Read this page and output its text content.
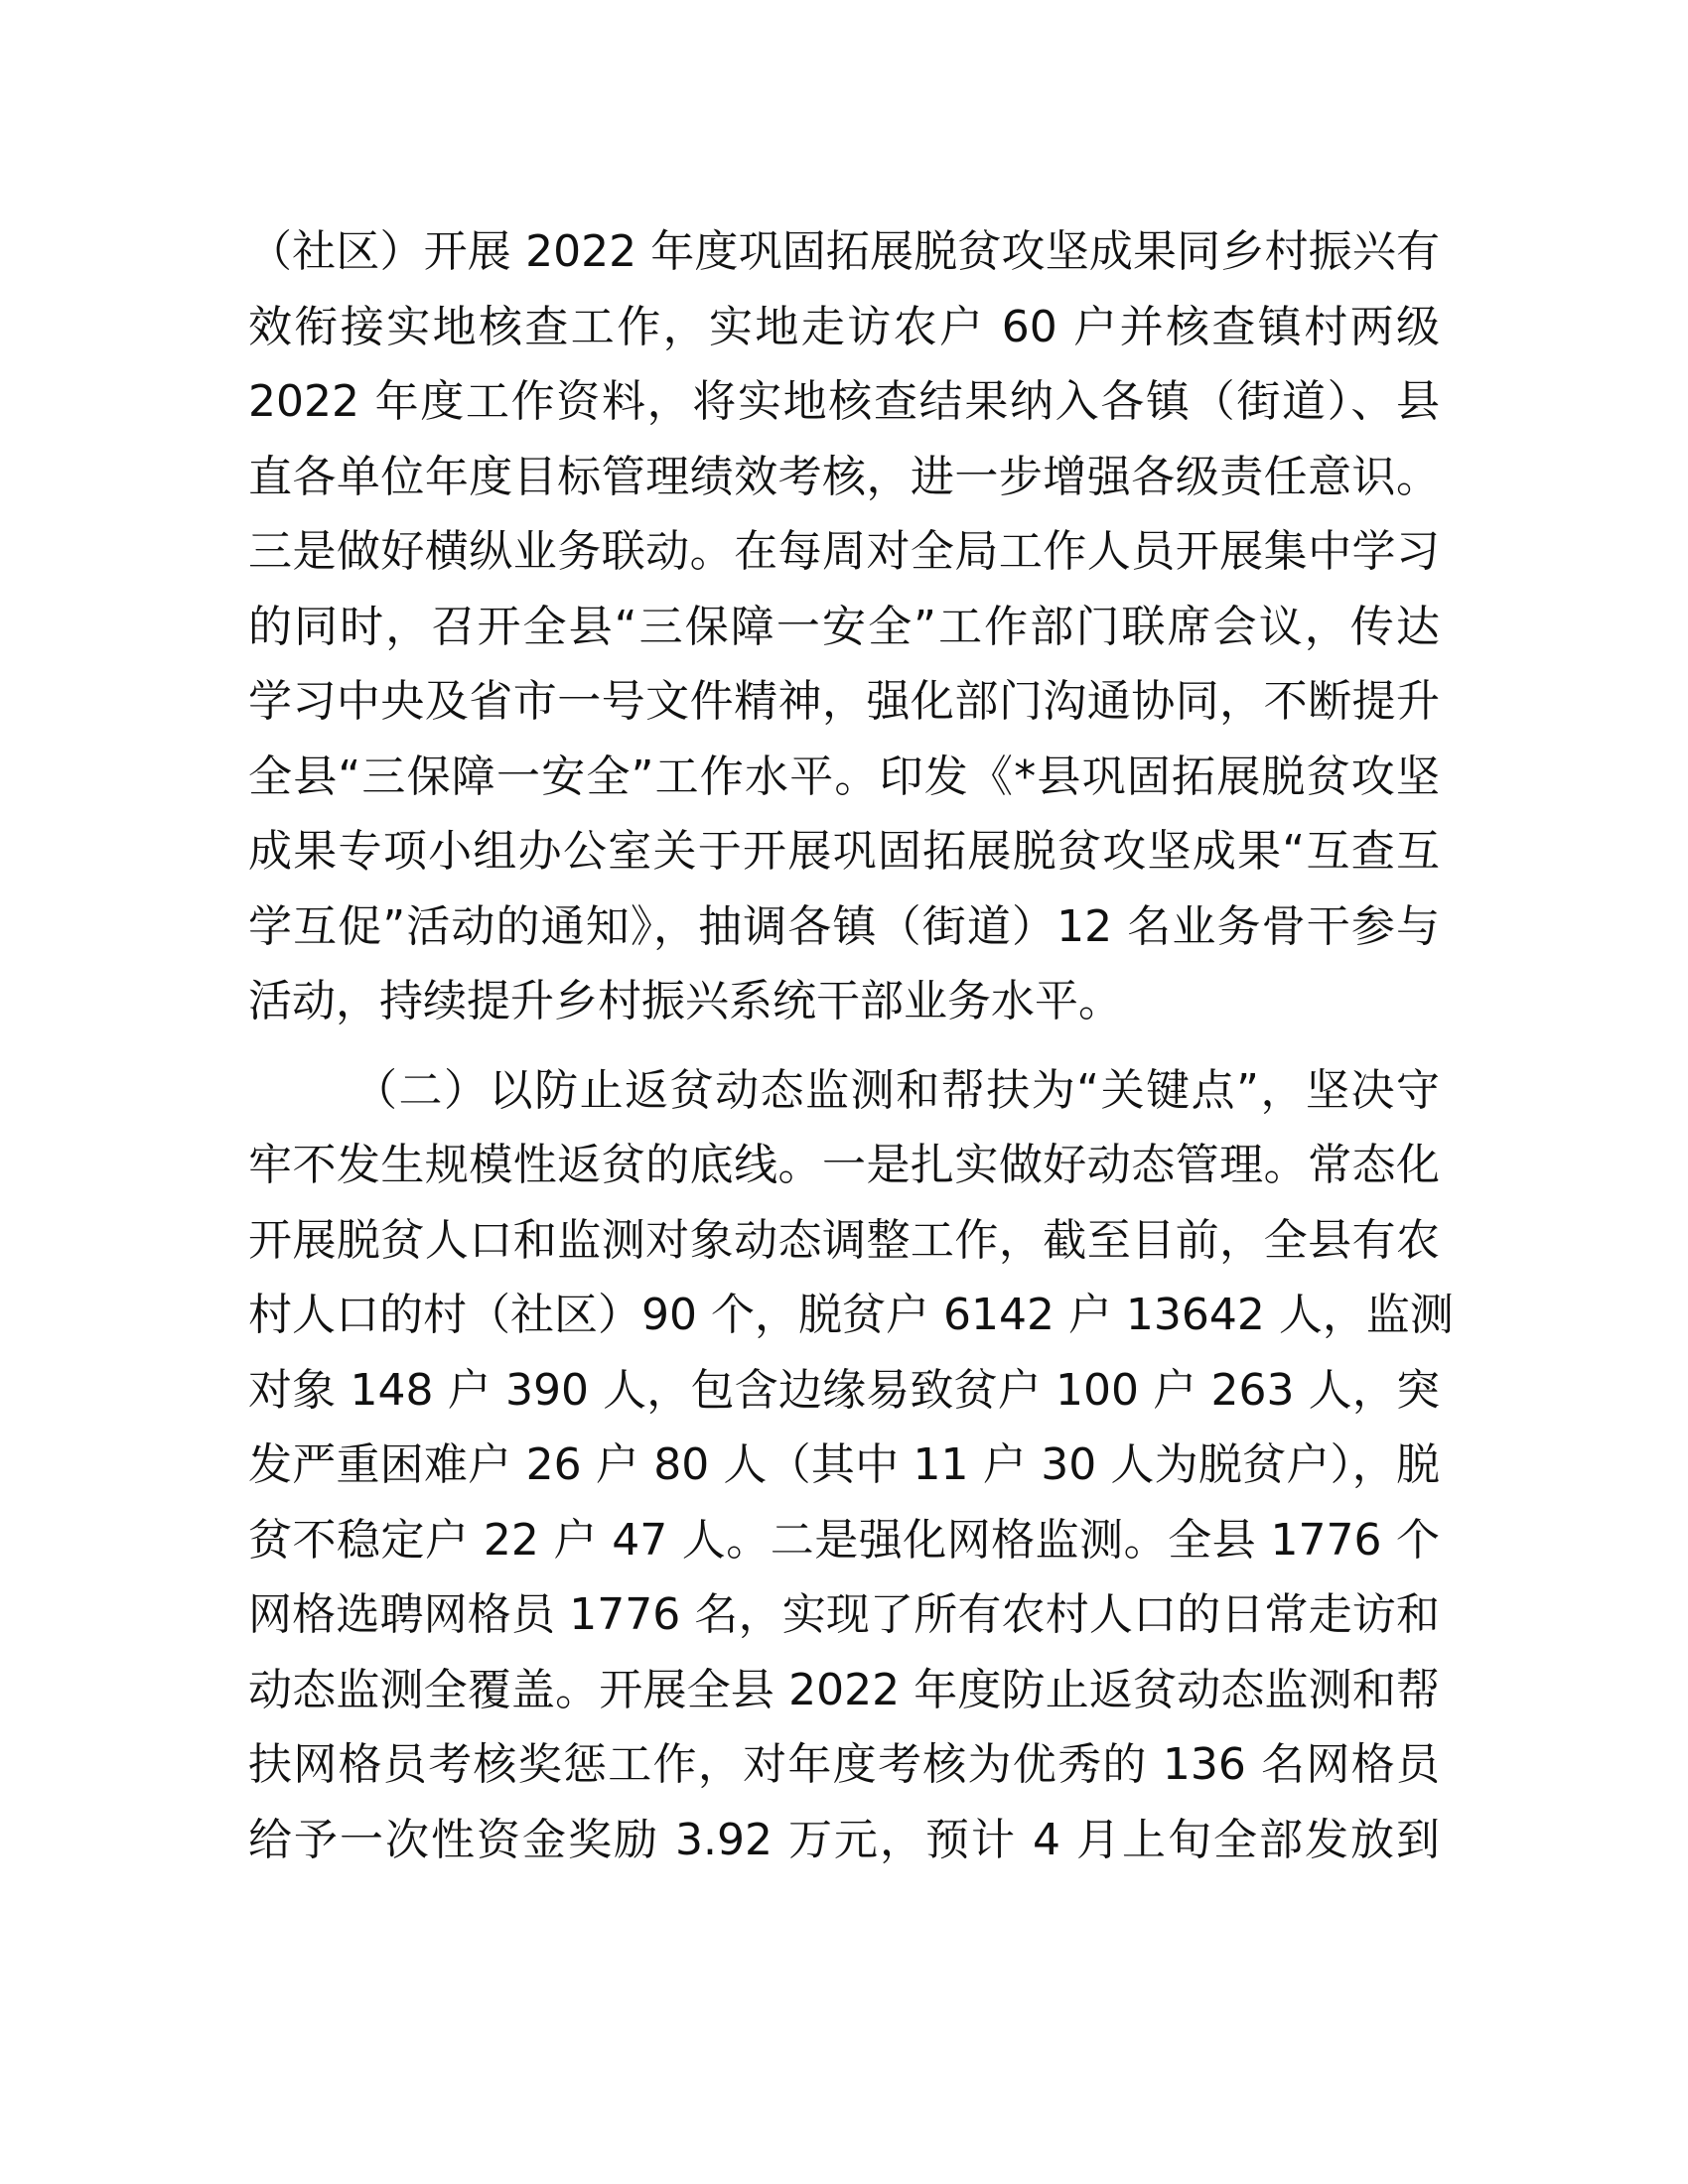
（社区）开展 2022 年度巩固拓展脱贫攻坚成果同乡村振兴有
效衔接实地核查工作，实地走访农户 60 户并核查镇村两级
2022 年度工作资料，将实地核查结果纳入各镇（街道）、县
直各单位年度目标管理绩效考核，进一步增强各级责任意识。
三是做好横纵业务联动。在每周对全局工作人员开展集中学习
的同时，召开全县“三保障一安全”工作部门联席会议，传达
学习中央及省市一号文件精神，强化部门沟通协同，不断提升
全县“三保障一安全”工作水平。印发《*县巩固拓展脱贫攻坚
成果专项小组办公室关于开展巩固拓展脱贫攻坚成果“互查互
学互促”活动的通知》，抽调各镇（街道）12 名业务骨干参与
活动，持续提升乡村振兴系统干部业务水平。
（二）以防止返贫动态监测和帮扶为“关键点”，坚决守
牢不发生规模性返贫的底线。一是扎实做好动态管理。常态化
开展脱贫人口和监测对象动态调整工作，截至目前，全县有农
村人口的村（社区）90 个，脱贫户 6142 户 13642 人，监测
对象 148 户 390 人，包含边缘易致贫户 100 户 263 人，突
发严重困难户 26 户 80 人（其中 11 户 30 人为脱贫户），脱
贫不稳定户 22 户 47 人。二是强化网格监测。全县 1776 个
网格选聘网格员 1776 名，实现了所有农村人口的日常走访和
动态监测全覆盖。开展全县 2022 年度防止返贫动态监测和帮
扶网格员考核奖惩工作，对年度考核为优秀的 136 名网格员
给予一次性资金奖励 3.92 万元，预计 4 月上旬全部发放到
